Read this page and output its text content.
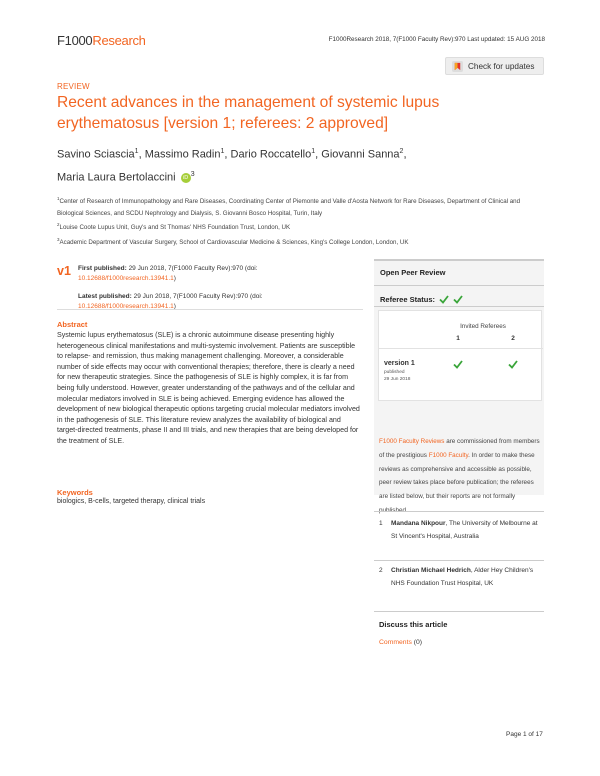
F1000Research	F1000Research 2018, 7(F1000 Faculty Rev):970 Last updated: 15 AUG 2018
Check for updates
REVIEW
Recent advances in the management of systemic lupus erythematosus [version 1; referees: 2 approved]
Savino Sciascia$^1$, Massimo Radin$^1$, Dario Roccatello$^1$, Giovanni Sanna$^2$,
Maria Laura Bertolaccini $iD^3$
$^1$Center of Research of Immunopathology and Rare Diseases, Coordinating Center of Piemonte and Valle d'Aosta Network for Rare Diseases, Department of Clinical and Biological Sciences, and SCDU Nephrology and Dialysis, S. Giovanni Bosco Hospital, Turin, Italy
$^2$Louise Coote Lupus Unit, Guy's and St Thomas' NHS Foundation Trust, London, UK
$^3$Academic Department of Vascular Surgery, School of Cardiovascular Medicine & Sciences, King's College London, London, UK
v1 First published: 29 Jun 2018, 7(F1000 Faculty Rev):970 (doi:
10.12688/f1000research.13941.1)
Latest published: 29 Jun 2018, 7(F1000 Faculty Rev):970 (doi:
10.12688/f1000research.13941.1)
Abstract
Systemic lupus erythematosus (SLE) is a chronic autoimmune disease presenting highly heterogeneous clinical manifestations and multi-systemic involvement. Patients are susceptible to relapse- and remission, thus making management challenging. Moreover, a considerable number of side effects may occur with conventional therapies; therefore, there is clearly a need for new therapeutic strategies. Since the pathogenesis of SLE is highly complex, it is far from being fully understood. However, greater understanding of the pathways and of the cellular and molecular mediators involved in SLE is being achieved. Emerging evidence has allowed the development of new biological therapeutic options targeting crucial molecular mediators involved in the pathogenesis of SLE. This literature review analyzes the availability of biological and target-directed treatments, phase II and III trials, and new therapies that are being developed for the treatment of SLE.
Keywords
biologics, B-cells, targeted therapy, clinical trials
Open Peer Review
Referee Status:
Invited Referees
1	2
version 1
published
29 Jun 2018
F1000 Faculty Reviews are commissioned from members of the prestigious F1000 Faculty. In order to make these reviews as comprehensive and accessible as possible, peer review takes place before publication; the referees are listed below, but their reports are not formally published.
1 Mandana Nikpour, The University of Melbourne at St Vincent's Hospital, Australia
2 Christian Michael Hedrich, Alder Hey Children's NHS Foundation Trust Hospital, UK
Discuss this article
Comments (0)
Page 1 of 17
